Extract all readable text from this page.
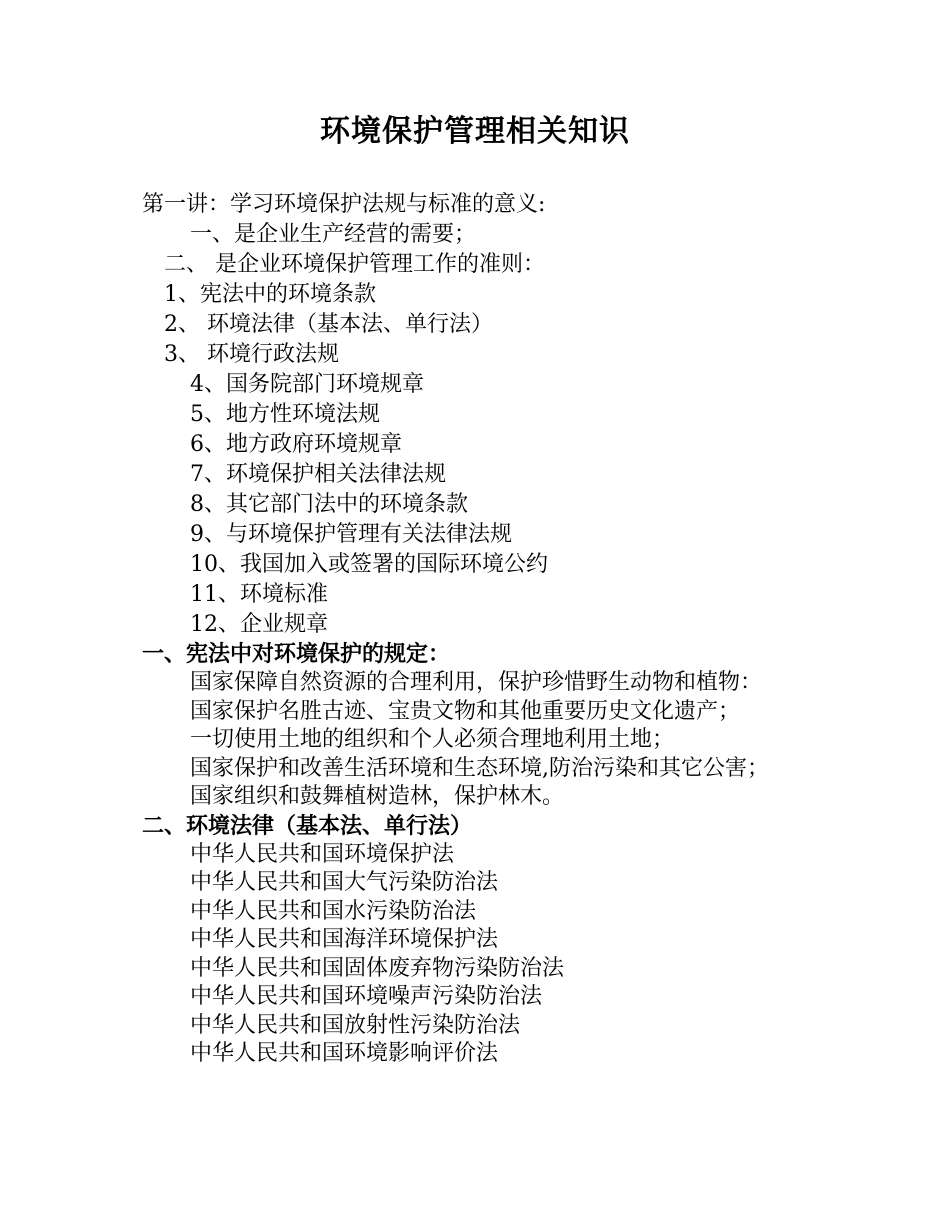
环境保护管理相关知识
第一讲：学习环境保护法规与标准的意义:
一、是企业生产经营的需要；
二、 是企业环境保护管理工作的准则：
1、宪法中的环境条款
2、 环境法律（基本法、单行法）
3、 环境行政法规
4、国务院部门环境规章
5、地方性环境法规
6、地方政府环境规章
7、环境保护相关法律法规
8、其它部门法中的环境条款
9、与环境保护管理有关法律法规
10、我国加入或签署的国际环境公约
11、环境标准
12、企业规章
一、宪法中对环境保护的规定：
国家保障自然资源的合理利用，保护珍惜野生动物和植物：
国家保护名胜古迹、宝贵文物和其他重要历史文化遗产；
一切使用土地的组织和个人必须合理地利用土地；
国家保护和改善生活环境和生态环境,防治污染和其它公害；
国家组织和鼓舞植树造林，保护林木。
二、环境法律（基本法、单行法）
中华人民共和国环境保护法
中华人民共和国大气污染防治法
中华人民共和国水污染防治法
中华人民共和国海洋环境保护法
中华人民共和国固体废弃物污染防治法
中华人民共和国环境噪声污染防治法
中华人民共和国放射性污染防治法
中华人民共和国环境影响评价法
